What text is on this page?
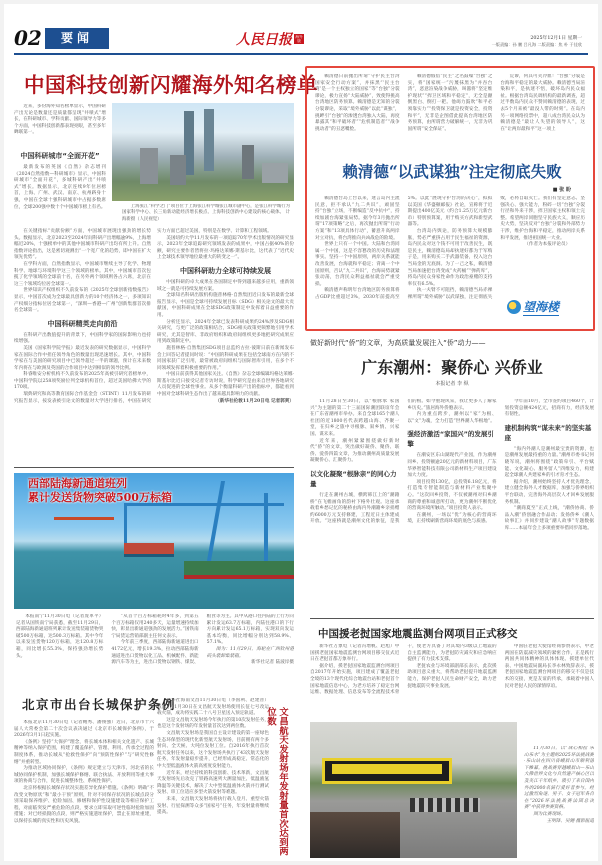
02	要闻	人民日报 海外版	2025年12月1日 星期一
一版责编：孙 鹏 吕凡海 二版责编：焦 朴 于佳欣
中国科技创新闪耀海外知名榜单

近来，多份海外知名榜单显示，中国科研产出无论是数量还是质量都呈现“井喷式”增长，在科研城市、学科贡献、国际领导力等多个方面，中国科技创新都表现亮眼，甚至多年蝉联第一。

上海张江“科学之门”项目位于上海张江科学城张江城市副中心，是张江科学城行为国家科学中心、长三角新动能经济增长极点、上海科技创新中心建设的核心载体。 计海新摄（人民视觉）
中国科研城市“全面开花”

最新发布的英国《自然》杂志增刊《2024自然指数—科研城市》显示，中国科研城市“全面开花”，多城科研产出“井喷式”增长。数据显示，北京连续9年位居榜首，上海、广州、武汉、南京、杭州跻身十强，中国在全球十强科研城市中占据多数席位，全球200强中数十个中国城市榜上有名。

在关键指标“贡献份额”方面，中国城市展现出强劲的增长势头。数据显示，北京2023至2024年间科研产出增幅逾9%，上海增幅近20%，十强榜单中的其他中国城市科研产出均有所上升。自然指数评论指出，这是密切观测出“一个宽广化的趋势，即中国在扩大领先优势”。

在学科方面，自然指数显示，中国城市继续主导了化学、物理科学、地球与环境科学这三个领域的榜单。其中，中国城市首次包揽了化学领域的全球前十名，在另外两个领域则各占六席，北京在这三个领域均位居全球第一。

世界知识产权组织不久前发布的《2025年全球创新指数报告》显示，中国首次成为全球最具创新力的10个经济体之一，多项知识产权细分指标位居全球第一，“深圳—香港—广州”创新集群首次排名全球第一。

中国科研精英走向前沿

在科研产出数值提升的背景下，中国科学家的国际影响力也持续增强。

美国《国家科学院学报》最近发表的研究数据显示，中国科学家在国际合作中担任领导角色的数量出现迅速增长。其中，中国科学家在与美国的研究项目中已领导超过一半的课题，预计在未来数年内将在与欧洲及英国的合作项目中达到相似的领导比例。

科睿唯安分析机构不久前发布的2025年高被引研究者榜单中，中国科学院以258项奖励位列全球机构首位，超过美国哈佛大学的170项。

瑞典研究和高等教育国际合作基金会（STINT）11月发布的研究报告显示，按发表被引论文的数量对大学进行排名，中国在研究实力方面已超过美国，特别是在数学、计算和工程领域。

美国纽约大学11月发布的一项追踪70年学术出版情况的研究显示，2023年全球追踪研究领域发表的成果中，中国占据40%的份额，研究主要作者皆将拉·玛格达莱娜·斯基尔比，这代表了“近代史上全球技术领导地位最重大的转变之一”。

中国科研助力全球可持续发展

中国科研的卓大成果在各国制定中得到越来越多应用，重新领域之一就是可持续发展方案。

全球知名科研出版机构施普林格·自然集团近日发布的最新全球报告显示，中国是全球可持续发展目标（SDG）相关论文的最大贡献国，中国科研成果在全球SDG政策制定中发挥着日益重要的作用。

分析还显示，2024年全球已发表科研成果约24%涉及SDG相关研究，与更广泛的政策相结合，SDG相关政策更频繁地引用学术研究，尤其是智库、非政府组织和政府间组织更多地把研究成果应用到政策制定中。

施普林格·自然集团SDG项目总监约古拉·彼斯日前在新闻发布会上回答记者提问时说：“中国的科研成果在包括全球南方在内的不同国家获广泛引用，最常被政府间组织与国际智库引用，在多个不同领域发挥着积极重要的作用。”

中国日前获得其他国家关注。《自然》杂志全球编辑玛格达莱娜·斯基尔比近日接受记者专访时说，科学研究是由来自世界各地研究人员促进的全球性事业。从多个衡量科研产出的指标中，都能看到中国对全球科研生态作出了越来越具影响力的贡献。

（新华社伦敦11月20日电 记者郭爽）

西部陆海新通道班列
累计发送货物突破500万标箱

本报南宁11月30日电（记者庞革平）记者从国铁南宁局获悉，截至11月29日，西部陆海新通道班列累计发送集装箱货物突破500万标箱，达500.3万标箱。其中今年以来发送货物120万标箱，达120.8万标箱，同比增长55.3%，保持强劲增长势头。

“从首个百万标箱耗时4年多，到第五个百万标箱仅用240多天，运量增速持续加快，彰显出新通道强劲的发展活力。”国铁南宁局货运营销部副主任何文表示。

今年前三季度，西部陆海新通道进出口4172亿元，增长19.3%，拉动西部陆海新通道进出口货物以化工品、机械配件、新能源汽车等为主，进出口货物以钢铁、煤炭、粮食等为主。其中从港口往内陆的上行方向累计发运63.7万标箱，内陆往港口的下行方向累计发运65.1万标箱，实现双向发运基本均衡，同比增幅分别达到58.9%、57.1%。

图为：11月29日，海轮在广西钦州港码头装卸集装箱。

新华社记者 陆波岸摄

北京市出台长城保护条例

本报北京11月30日电（记者鲍秀、潘俊强）近日，北京市十六届人大常委会第二十次会议表决通过《北京市长城保护条例》，于2026年3月1日起实施。

《条例》坚持“大保护”理念，将长城本体和相关文化遗产、长城精神等纳入保护范围，构建了覆盖保护、管理、利用、传承全过程的制度体系，推动长城从“抢救性保护”向“预防性保护”与“研究性修缮”并重转型。

为推动区域协同保护，《条例》规定建立与天津市、河北省的长城协同保护机制，加强长城保护修缮、联合执法、开放利用等重大事项的协商与合作，促进长城整体性、系统性保护。

北京将根据长城保存状况实施差异化保护措施。《条例》明确“不改变文物原状”和“最小干预”原则，针对不同保存状况的长城点段分别采取保养维护、抢险加固、修缮和保护性设施建设等相应保护工程，对面临突发严重危险的点段，要求立即采取可逆性临时抢险加固措施；对已经损毁的点段，则严格实施遗址保护，禁止在原址重建，以保持长城的真实性和历史风貌。

新华社海南文昌11月30日电（李国利、赵建普）我国于11月30日在文昌航天发射场使用长征七号改运载火箭，成功将实践二十八号卫星送入预定轨道。

这是文昌航天发射场今年执行的第10次发射任务，也是这个发射场的年发射量首次达到两位数。

文昌航天发射场是我国自主设计建设的第一座绿色生态环保型的现代化新型航天发射场，目前拥有两个多射向、全天候、大吨位发射工位。自2016年执行首次航天发射任务以来，这个发射场共执行了43次航天发射任务，年发射量稳步提升，已经形成高稳定、常态化的中大型低温液体火箭高密度发射能力。

近年来，经过持续的科技创新、技术革新，文昌航天发射场先后攻克了铁路高速列大测量加注、低温液氢降温等关键技术，解决了大中型低温液体火箭并行测试发射、串工位适应多型火箭发射等难题。

未来，文昌航天发射场将执行载人登月、重型火箭发射、行星探测等众多“国家号”任务，年发射量将继续提高。	文昌航天发射场年发射量首次达到两位数

赖清德日前抛出所谓“守护民主台湾国家安全行动方案”，并抹黑“‘民主台湾’是一个主权独立的国家”等“台独”分裂谬论，极力宣扬“大陆威胁”，致使得挑高台湾地区防务预算。赖清德是无知的分裂分裂谬论，采取“境外威胁”以此“谋独”，挑衅引“台独”的渗透台湾独入大陆，再度暴露其“和平破坏者”“危机制造者”“战争挑动者”的丑恶嘴脸。

赖清德假借“民主”之名鼓噪“台独”之实，将“国家统一”污蔑抹黑为“并吞台湾”，恶意渲染战争威胁，叫嚣将“坚定维护现状”“捍卫区域和平稳定”，无全是颠倒黑白、倒打一耙。他竭力鼓吹“和平必须靠实力”“投资保卫就是投资安全，投资和平”，无非是企图借此提高台湾地区防务预算，由所谓营力破解统一，无非为巩固所谓“安全保证”。

荒谬，何其可笑冷血！“台独”分裂是台海和平稳定的最大威胁。赖清德当局渲染和平，是执迷不悟，破坏岛内民众福祉。根据台湾岛民调机构的最新调查，超过半数岛内民众不赞同赖清德的表现，过去5个月来被“最没人带的时刻”。在岛内另一项网络投票中，超八成台湾民众认为赖清德是“最让人失望的领导人”，这在“让两岸最和平”这一项上

赖清德“以武谋独”注定彻底失败
■ 张 盼

赖清德台岛上台以来，迷言岛内主流民意，拒不承认“九二共识”，顽固坚持“台独”立场，不断编造“反中抗中”，持续加剧台海紧张局势。据今年3月抛出所谓“17项策略”之后，再次抛出所谓“行动方案”和“13项具体行动”，蓄意升高两岸对立对抗，将台湾推向兵凶战危的险境。

世界上只有一个中国。大陆和台湾同属一个中国，这是不容篡改的历史和法理事实。坚持一个中国原则，两岸关系就能改善发展，台海就和平稳定；背离一个中国原则，否认“九二共识”，台海局势就紧张动荡，台湾民众利益福祉就会严重受损。

赖清德声称明年台湾地区防务预算将占GDP比重超过3%，2030年前提高至5%。以此“展现守护台湾的决心”，拟拟以美国《华盛顿邮报》社论，宣称将于近期提出400亿美元（约合1.25万亿元新台币）特别预算案，用于购买方武和新型武器等。

台湾岛内舆论，防务预算大规模膨胀，势必严重挤占用于民生福祉的资源，岛内民众对这个钱不可用于改善民生，既是民主，赖清德岛局却执迷好都为于军购子是，用来购买二手武器装备，投入这台当局金的无底洞。为了一己之私，赖清德当局加速把台湾变成“火药桶”“弹药库”，将岛内民众身家性命作为政治豪赌的支持率仅有6.5%。

执一夫臂不可阻挡，赖清德当局赤裸裸所谓“境外威胁”以武谋独，注定彻底失败，必将自取灭亡。我们有坚定意志、坚强决心、强大能力，粉碎一切“台独”分裂行径和外来干涉，捍卫国家主权和领土完整。希望两岸同胞坚守民族大义，顺应历史大势，坚决反对“台独”分裂和外部势力干涉，维护台海和平稳定，推动两岸关系和平发展，推进祖国统一大业。

（作者为本报评论员）

望海楼
做好新时代“侨”的文章，为高质量发展注入“侨”动力——
广东潮州：聚侨心 兴侨业
本报记者 李 纵

11月28日至30日，以“根脉承 家国兴”为主题的第二十三届国际潮团联谊年会在广东省潮州市举办。来自全球165个潮人社团的近1800名代表跨越山海、齐聚一堂，在归乡之旅中寻根脉、叙乡情、兴家国、谋未来。

近年来，潮州紧紧围绕做好新时代“侨”的文章，突出做好凝侨、聚侨、联侨、爱侨四篇文章，为推动潮州高质量发展凝聚侨心、汇聚侨力。

以文化凝聚“根脉亲”的同心力量

行走在潮州古城，横跨韩江上的“潮籍桥”在飞檐画角的韵衬下格外壮观。这座承载着乡愁记忆的秘桥由海内外潮籍乡亲捐赠约6000万元支持修建，工程近日主体建成开放。“这座桥就是潮州文化的象征，是我们的根。如今重现风采，我让更多人了解家乡历史。”旅居海外侨胞表示。

内为重点跨步，潮州以“家”为根、以“文”为魂，全力打造“世界潮人华根地”。

强经济激活“家国兴”的发展引擎

在潮安区东山湖现代产业园，作为潮州同乡、投资额逾20亿元的新材料项目，广东华界智能科技有限公司新材料生产项目建设加大力度。

项目投资130亿，总投资6.18亿元，将打造集专智能制造与新材料产业集聚中心。“这次回乡投资，不仅被潮州对归乡潮商的尊重和诚意所打动，更为潮州不断优化的营商环境所触动。”项目投资人表示。

在潮州，一场以“优”为核心的营商环境，正持续刷新营商环境的底色与质感。

今年前10月，全市签约项目460个，计划投资总额424亿元，招商有力，经济发展有韧性。

建机制构筑“谋未来”的坚实基座

“海内外潮人是潮州最宝贵的资源，也是潮州发展最持重的力量。”潮州市委书记何晓军说，潮州将围绕“政策牵引、平台赋能、文化凝心、服务留人”四维发力，构建起全球潮人共建家乡的引才育才生态。

据介绍，潮州始终坚持人才优先理念，建立健全海外人才数据库，加强与侨界组织平台联动，完善海外高层次人才回乡发展服务机制。

“潮商夏至”正式上线，“潮侨协商、侨品入潮”侨创融合作品动；发扬侨乡《潮人故事汇》并同步建设“潮人故事”专题数据库……本届年会上多项重要举措同步落地。

中国援老挝国家地震监测台网项目正式移交

新华社万象电（记者冯增帆、赵旭）中国援老挝国家地震监测台网项目移交仪式近日在老挝首都万象举行。

据介绍，援老挝国家地震监测台网项目自2017年开始实施，项目建成了覆盖老挝全境的13个现代化综合地震台站和老挝首个国家地震信息中心，为老方培养了稳定台网运维、数据处理、信息发布等全流程技术骨干，使老方具备了对其境内3级以上地震的自主监测能力，为老挝防灾减灾和应急响应提供了有力技术支撑。

老挝农业与环境部副部长表示，此次援助项目意义重大，将帮助老挝提升地震监测能力，保护老挝人民生命财产安全，助力老挝地震防灾事业发展。

中国驻老挝大使馆经商参赞表示，中老两国在防震减灾领域的紧密合作，正是践行两国共同体精神的具体体现。援建单位代表、中国地震局副局长李永林致辞表示，援老挝国家地震监测台网项目的移交不仅是技术的交接，更是友谊的传承，承载着中国人民对老挝人民的深情厚谊。

11月30日，以“成心相拉 乐山乐水”为主题的2025环法挑战赛·乐山站在四川省峨眉山市顺利落下帷幕。挑战赛穿越峨眉山—乐山大佛世界文化与自然遗产核心区以及夹江千年纸乡，吸引了来自国内外的2000名骑行爱好者参与。经过激烈角逐，男子、女子冠军各自在“2026环法挑战赛法国总决赛”中获得参赛资格。

图为比赛现场。

王明锋、吴翱 摄影报道
